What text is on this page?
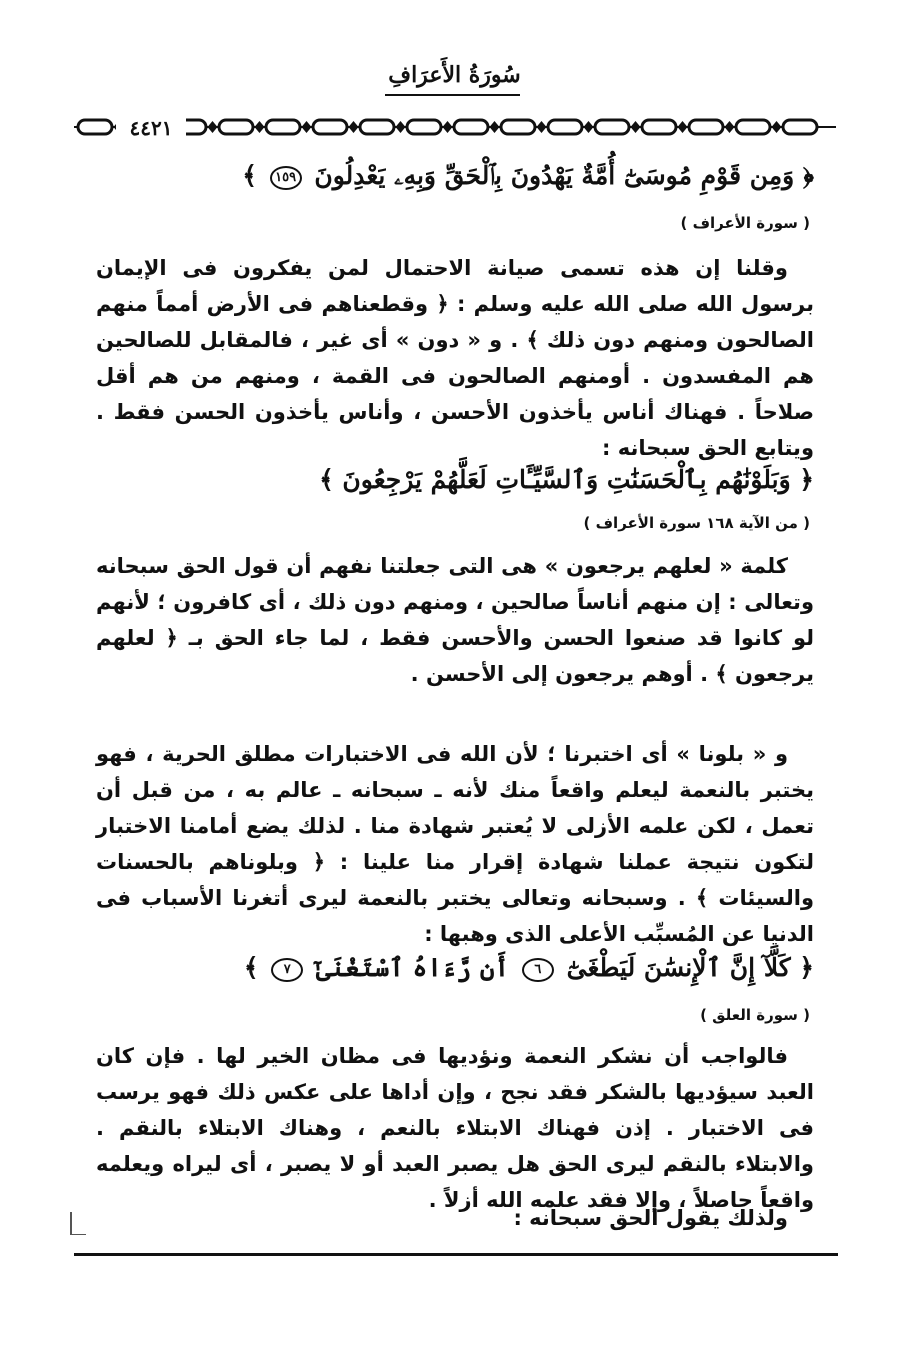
سُورَةُ الأَعرَافِ
٤٤٢١
﴿ وَمِن قَوْمِ مُوسَىٰٓ أُمَّةٌ يَهْدُونَ بِٱلْحَقِّ وَبِهِۦ يَعْدِلُونَ ١٥٩ ﴾
( سورة الأعراف )
وقلنا إن هذه تسمى صيانة الاحتمال لمن يفكرون فى الإيمان برسول الله صلى الله عليه وسلم : ﴿ وقطعناهم فى الأرض أمماً منهم الصالحون ومنهم دون ذلك ﴾ . و « دون » أى غير ، فالمقابل للصالحين هم المفسدون . أومنهم الصالحون فى القمة ، ومنهم من هم أقل صلاحاً . فهناك أناس يأخذون الأحسن ، وأناس يأخذون الحسن فقط . ويتابع الحق سبحانه :
﴿ وَبَلَوْنَٰهُم بِٱلْحَسَنَٰتِ وَٱلسَّيِّـَٔاتِ لَعَلَّهُمْ يَرْجِعُونَ ﴾
( من الآية ١٦٨ سورة الأعراف )
كلمة « لعلهم يرجعون » هى التى جعلتنا نفهم أن قول الحق سبحانه وتعالى : إن منهم أناساً صالحين ، ومنهم دون ذلك ، أى كافرون ؛ لأنهم لو كانوا قد صنعوا الحسن والأحسن فقط ، لما جاء الحق بـ ﴿ لعلهم يرجعون ﴾ . أوهم يرجعون إلى الأحسن .
و « بلونا » أى اختبرنا ؛ لأن الله فى الاختبارات مطلق الحرية ، فهو يختبر بالنعمة ليعلم واقعاً منك لأنه ـ سبحانه ـ عالم به ، من قبل أن تعمل ، لكن علمه الأزلى لا يُعتبر شهادة منا . لذلك يضع أمامنا الاختبار لتكون نتيجة عملنا شهادة إقرار منا علينا : ﴿ وبلوناهم بالحسنات والسيئات ﴾ . وسبحانه وتعالى يختبر بالنعمة ليرى أتغرنا الأسباب فى الدنيا عن المُسبِّب الأعلى الذى وهبها :
﴿ كَلَّآ إِنَّ ٱلْإِنسَٰنَ لَيَطْغَىٰٓ ٦ أَن رَّءَاهُ ٱسْتَغْنَىٰٓ ٧ ﴾
( سورة العلق )
فالواجب أن نشكر النعمة ونؤديها فى مظان الخير لها . فإن كان العبد سيؤديها بالشكر فقد نجح ، وإن أداها على عكس ذلك فهو يرسب فى الاختبار . إذن فهناك الابتلاء بالنعم ، وهناك الابتلاء بالنقم . والابتلاء بالنقم ليرى الحق هل يصبر العبد أو لا يصبر ، أى ليراه ويعلمه واقعاً حاصلاً ، وإلا فقد علمه الله أزلاً .
ولذلك يقول الحق سبحانه :
